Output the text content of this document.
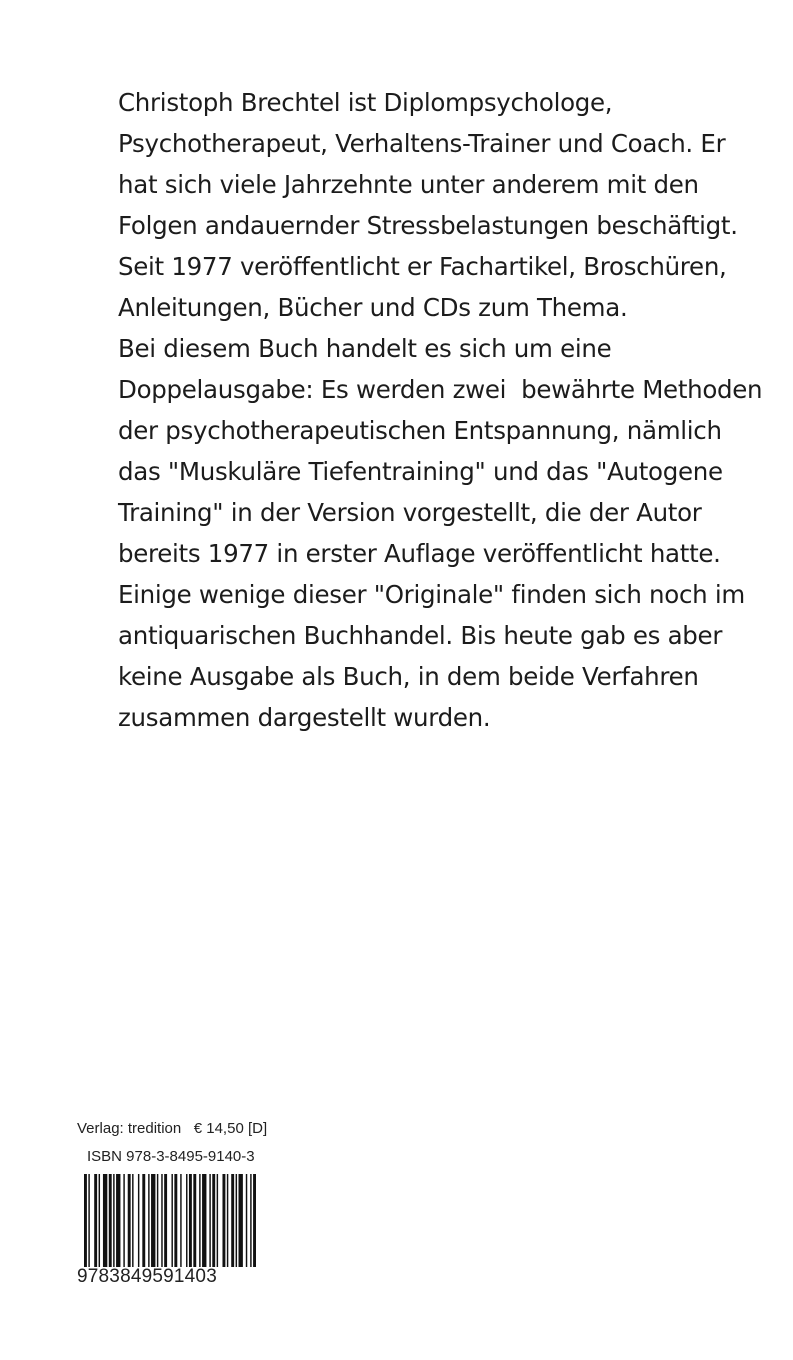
Christoph Brechtel ist Diplompsychologe,
Psychotherapeut, Verhaltens-Trainer und Coach. Er
hat sich viele Jahrzehnte unter anderem mit den
Folgen andauernder Stressbelastungen beschäftigt.
Seit 1977 veröffentlicht er Fachartikel, Broschüren,
Anleitungen, Bücher und CDs zum Thema.
Bei diesem Buch handelt es sich um eine
Doppelausgabe: Es werden zwei  bewährte Methoden
der psychotherapeutischen Entspannung, nämlich
das "Muskuläre Tiefentraining" und das "Autogene
Training" in der Version vorgestellt, die der Autor
bereits 1977 in erster Auflage veröffentlicht hatte.
Einige wenige dieser "Originale" finden sich noch im
antiquarischen Buchhandel. Bis heute gab es aber
keine Ausgabe als Buch, in dem beide Verfahren
zusammen dargestellt wurden.
Verlag: tredition   € 14,50 [D]
ISBN 978-3-8495-9140-3
9783849591403
